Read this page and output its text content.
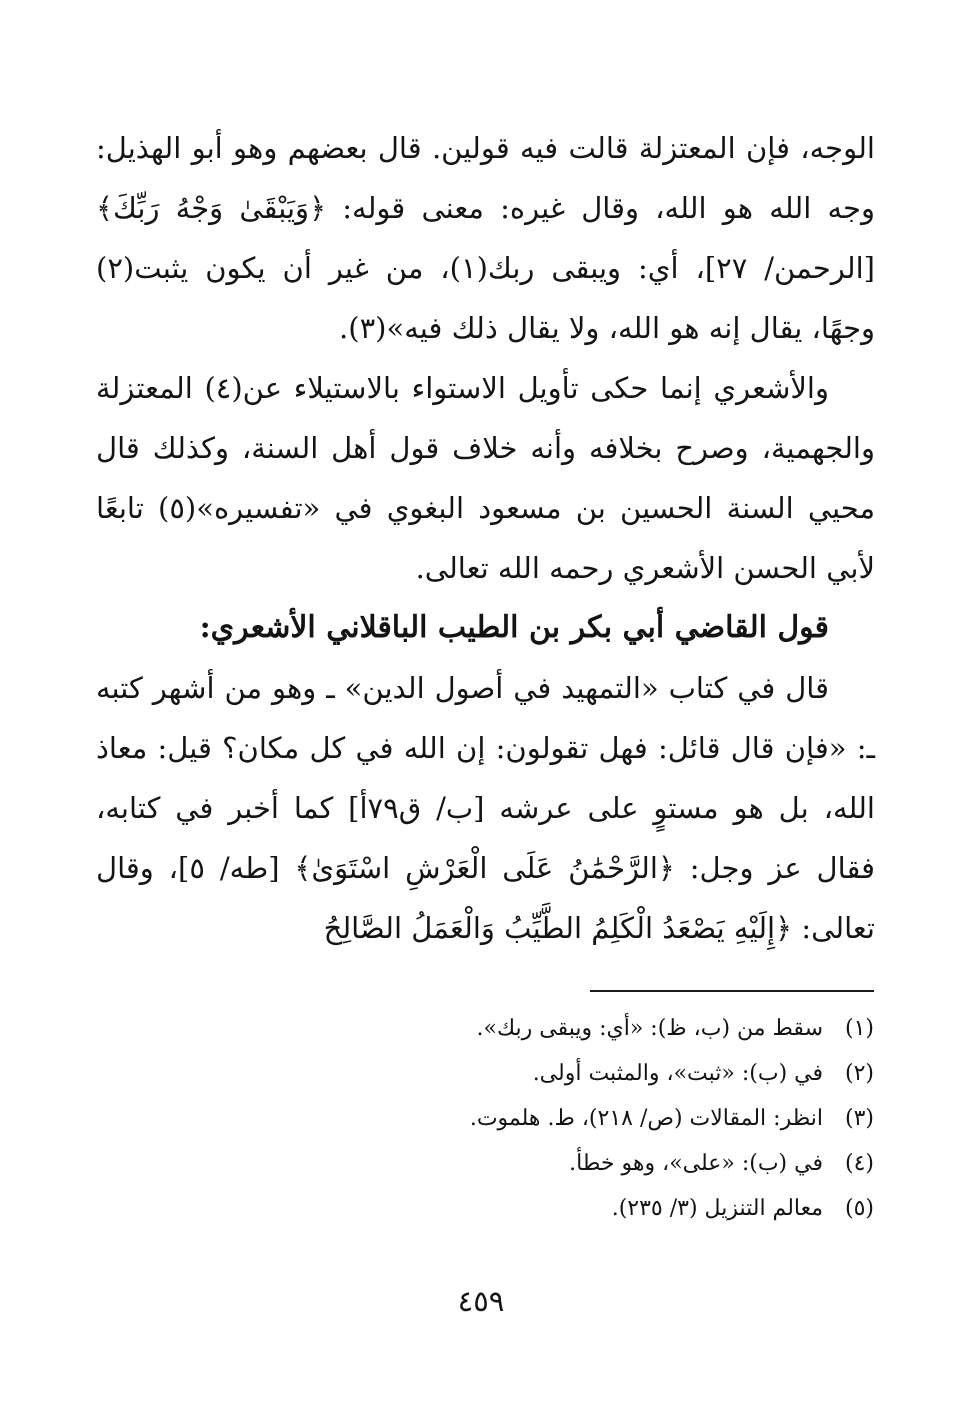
الوجه، فإن المعتزلة قالت فيه قولين. قال بعضهم وهو أبو الهذيل: وجه الله هو الله، وقال غيره: معنى قوله: ﴿وَيَبْقَىٰ وَجْهُ رَبِّكَ﴾ [الرحمن/ ٢٧]، أي: ويبقى ربك(١)، من غير أن يكون يثبت(٢) وجهًا، يقال إنه هو الله، ولا يقال ذلك فيه»(٣).

والأشعري إنما حكى تأويل الاستواء بالاستيلاء عن(٤) المعتزلة والجهمية، وصرح بخلافه وأنه خلاف قول أهل السنة، وكذلك قال محيي السنة الحسين بن مسعود البغوي في «تفسيره»(٥) تابعًا لأبي الحسن الأشعري رحمه الله تعالى.

قول القاضي أبي بكر بن الطيب الباقلاني الأشعري:

قال في كتاب «التمهيد في أصول الدين» ـ وهو من أشهر كتبه ـ: «فإن قال قائل: فهل تقولون: إن الله في كل مكان؟ قيل: معاذ الله، بل هو مستوٍ على عرشه [ب/ ق٧٩أ] كما أخبر في كتابه، فقال عز وجل: ﴿الرَّحْمَٰنُ عَلَى الْعَرْشِ اسْتَوَىٰ﴾ [طه/ ٥]، وقال تعالى: ﴿إِلَيْهِ يَصْعَدُ الْكَلِمُ الطَّيِّبُ وَالْعَمَلُ الصَّالِحُ

(١) سقط من (ب، ظ): «أي: ويبقى ربك».

(٢) في (ب): «ثبت»، والمثبت أولى.

(٣) انظر: المقالات (ص/ ٢١٨)، ط. هلموت.

(٤) في (ب): «على»، وهو خطأ.

(٥) معالم التنزيل (٣/ ٢٣٥).

٤٥٩
